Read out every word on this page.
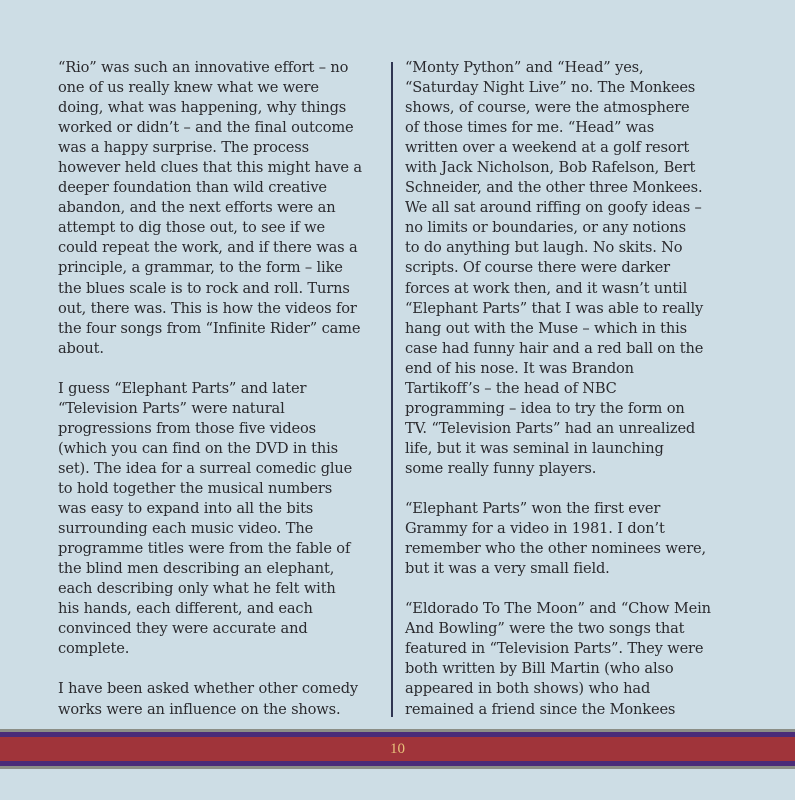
“Rio” was such an innovative effort – no
one of us really knew what we were
doing, what was happening, why things
worked or didn’t – and the final outcome
was a happy surprise. The process
however held clues that this might have a
deeper foundation than wild creative
abandon, and the next efforts were an
attempt to dig those out, to see if we
could repeat the work, and if there was a
principle, a grammar, to the form – like
the blues scale is to rock and roll. Turns
out, there was. This is how the videos for
the four songs from “Infinite Rider” came
about.
I guess “Elephant Parts” and later
“Television Parts” were natural
progressions from those five videos
(which you can find on the DVD in this
set). The idea for a surreal comedic glue
to hold together the musical numbers
was easy to expand into all the bits
surrounding each music video. The
programme titles were from the fable of
the blind men describing an elephant,
each describing only what he felt with
his hands, each different, and each
convinced they were accurate and
complete.
I have been asked whether other comedy
works were an influence on the shows.
“Monty Python” and “Head” yes,
“Saturday Night Live” no. The Monkees
shows, of course, were the atmosphere
of those times for me. “Head” was
written over a weekend at a golf resort
with Jack Nicholson, Bob Rafelson, Bert
Schneider, and the other three Monkees.
We all sat around riffing on goofy ideas –
no limits or boundaries, or any notions
to do anything but laugh. No skits. No
scripts. Of course there were darker
forces at work then, and it wasn’t until
“Elephant Parts” that I was able to really
hang out with the Muse – which in this
case had funny hair and a red ball on the
end of his nose. It was Brandon
Tartikoff’s – the head of NBC
programming – idea to try the form on
TV. “Television Parts” had an unrealized
life, but it was seminal in launching
some really funny players.
“Elephant Parts” won the first ever
Grammy for a video in 1981. I don’t
remember who the other nominees were,
but it was a very small field.
“Eldorado To The Moon” and “Chow Mein
And Bowling” were the two songs that
featured in “Television Parts”. They were
both written by Bill Martin (who also
appeared in both shows) who had
remained a friend since the Monkees
10
